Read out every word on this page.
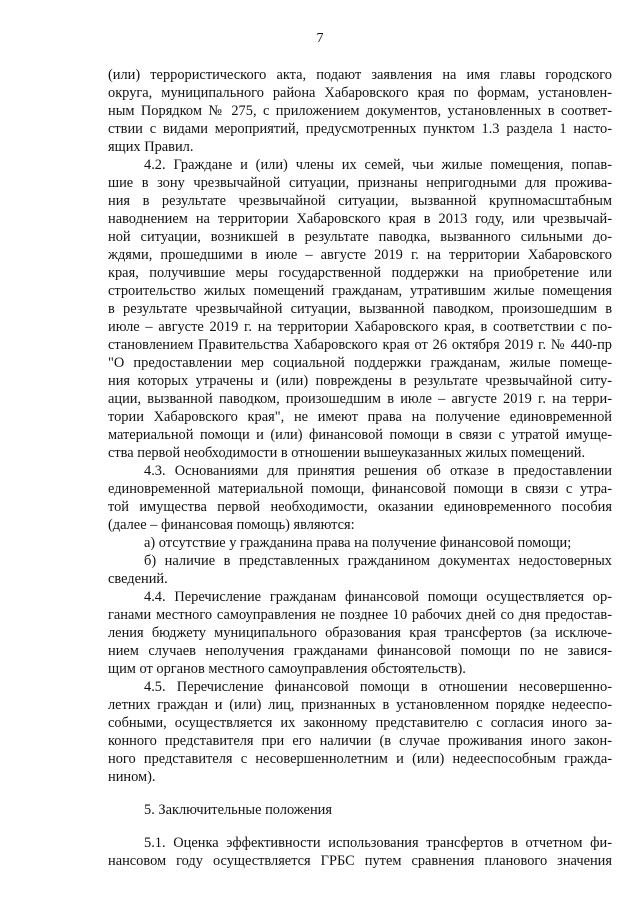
7
(или) террористического акта, подают заявления на имя главы городского
округа, муниципального района Хабаровского края по формам, установлен-
ным Порядком № 275, с приложением документов, установленных в соответ-
ствии с видами мероприятий, предусмотренных пунктом 1.3 раздела 1 насто-
ящих Правил.
4.2. Граждане и (или) члены их семей, чьи жилые помещения, попав-
шие в зону чрезвычайной ситуации, признаны непригодными для прожива-
ния в результате чрезвычайной ситуации, вызванной крупномасштабным
наводнением на территории Хабаровского края в 2013 году, или чрезвычай-
ной ситуации, возникшей в результате паводка, вызванного сильными до-
ждями, прошедшими в июле – августе 2019 г. на территории Хабаровского
края, получившие меры государственной поддержки на приобретение или
строительство жилых помещений гражданам, утратившим жилые помещения
в результате чрезвычайной ситуации, вызванной паводком, произошедшим в
июле – августе 2019 г. на территории Хабаровского края, в соответствии с по-
становлением Правительства Хабаровского края от 26 октября 2019 г. № 440-пр
"О предоставлении мер социальной поддержки гражданам, жилые помеще-
ния которых утрачены и (или) повреждены в результате чрезвычайной ситу-
ации, вызванной паводком, произошедшим в июле – августе 2019 г. на терри-
тории Хабаровского края", не имеют права на получение единовременной
материальной помощи и (или) финансовой помощи в связи с утратой имуще-
ства первой необходимости в отношении вышеуказанных жилых помещений.
4.3. Основаниями для принятия решения об отказе в предоставлении
единовременной материальной помощи, финансовой помощи в связи с утра-
той имущества первой необходимости, оказании единовременного пособия
(далее – финансовая помощь) являются:
а) отсутствие у гражданина права на получение финансовой помощи;
б) наличие в представленных гражданином документах недостоверных
сведений.
4.4. Перечисление гражданам финансовой помощи осуществляется ор-
ганами местного самоуправления не позднее 10 рабочих дней со дня предостав-
ления бюджету муниципального образования края трансфертов (за исключе-
нием случаев неполучения гражданами финансовой помощи по не завися-
щим от органов местного самоуправления обстоятельств).
4.5. Перечисление финансовой помощи в отношении несовершенно-
летних граждан и (или) лиц, признанных в установленном порядке недееспо-
собными, осуществляется их законному представителю с согласия иного за-
конного представителя при его наличии (в случае проживания иного закон-
ного представителя с несовершеннолетним и (или) недееспособным гражда-
нином).
5. Заключительные положения
5.1. Оценка эффективности использования трансфертов в отчетном фи-
нансовом году осуществляется ГРБС путем сравнения планового значения
